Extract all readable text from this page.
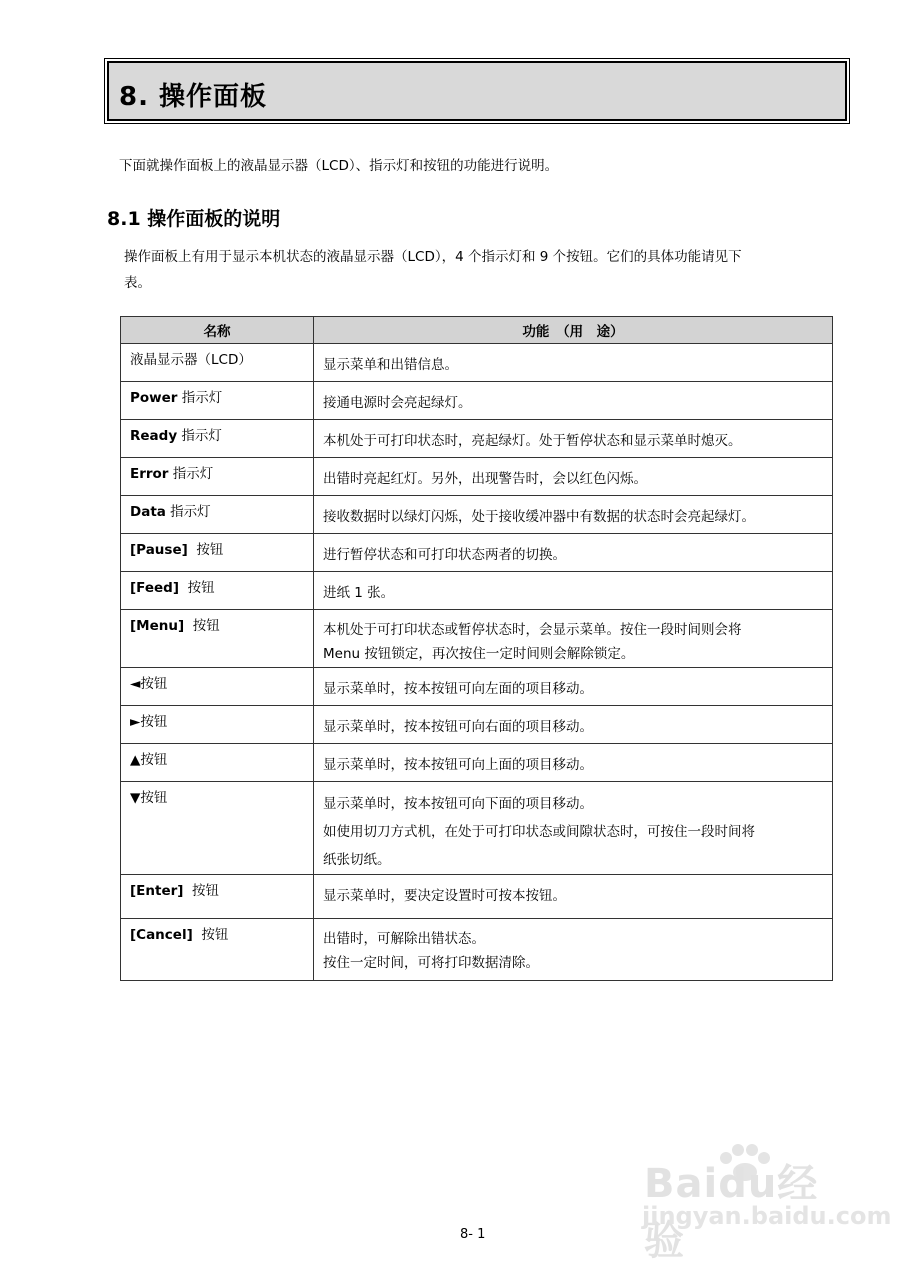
8. 操作面板
下面就操作面板上的液晶显示器（LCD）、指示灯和按钮的功能进行说明。
8.1 操作面板的说明
操作面板上有用于显示本机状态的液晶显示器（LCD），4 个指示灯和 9 个按钮。它们的具体功能请见下
表。
名称	功能　（用　途）
液晶显示器（LCD）	显示菜单和出错信息。

Power 指示灯	接通电源时会亮起绿灯。

Ready 指示灯	本机处于可打印状态时，亮起绿灯。处于暂停状态和显示菜单时熄灭。

Error 指示灯	出错时亮起红灯。另外，出现警告时，会以红色闪烁。

Data 指示灯	接收数据时以绿灯闪烁，处于接收缓冲器中有数据的状态时会亮起绿灯。

[Pause]  按钮	进行暂停状态和可打印状态两者的切换。

[Feed]  按钮	进纸 1 张。

[Menu]  按钮	本机处于可打印状态或暂停状态时，会显示菜单。按住一段时间则会将
Menu 按钮锁定，再次按住一定时间则会解除锁定。

◄按钮	显示菜单时，按本按钮可向左面的项目移动。

►按钮	显示菜单时，按本按钮可向右面的项目移动。

▲按钮	显示菜单时，按本按钮可向上面的项目移动。

▼按钮	显示菜单时，按本按钮可向下面的项目移动。
如使用切刀方式机，在处于可打印状态或间隙状态时，可按住一段时间将
纸张切纸。

[Enter]  按钮	显示菜单时，要决定设置时可按本按钮。

[Cancel]  按钮	出错时，可解除出错状态。
按住一定时间，可将打印数据清除。
Baidu经验
jingyan.baidu.com
8- 1
